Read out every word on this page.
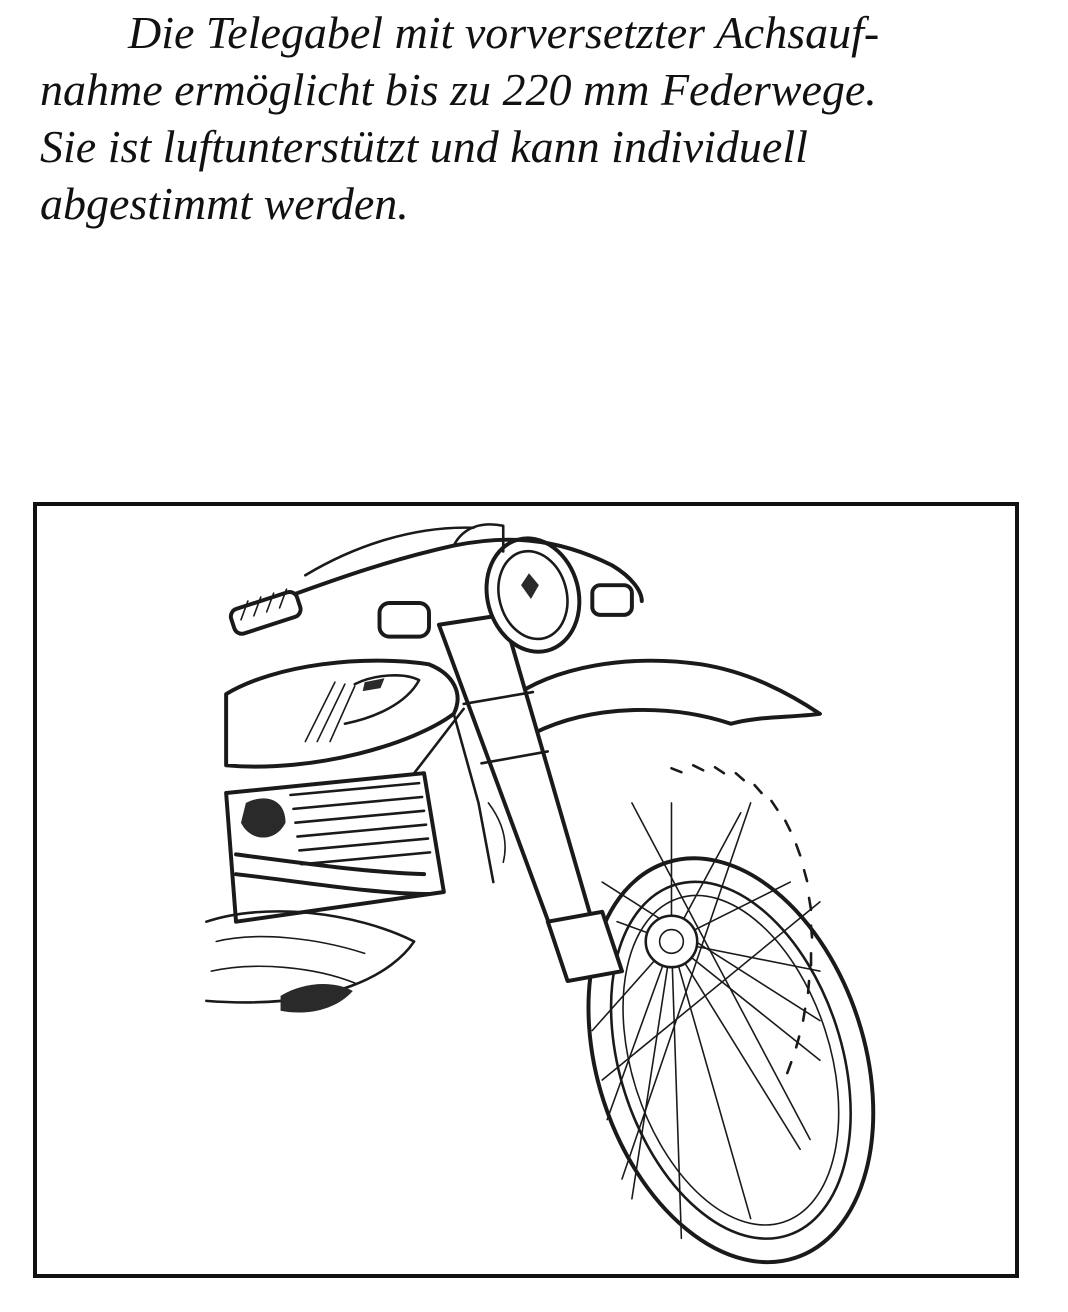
Die Telegabel mit vorversetzter Achsauf-
nahme ermöglicht bis zu 220 mm Federwege.
Sie ist luftunterstützt und kann individuell
abgestimmt werden.
